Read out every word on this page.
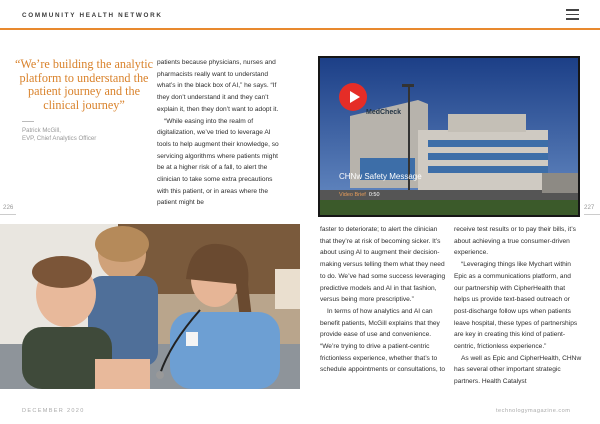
COMMUNITY HEALTH NETWORK
“We’re building the analytic platform to understand the patient journey and the clinical journey”
Patrick McGill,
EVP, Chief Analytics Officer

patients because physicians, nurses and pharmacists really want to understand what’s in the black box of AI,” he says. “If they don’t understand it and they can’t explain it, then they don’t want to adopt it.

“While easing into the realm of digitalization, we’ve tried to leverage AI tools to help augment their knowledge, so servicing algorithms where patients might be at a higher risk of a fall, to alert the clinician to take some extra precautions with this patient, or in areas where the patient might be

226	227
MedCheck
CHNw Safety Message
Video Brief 0:50

faster to deteriorate; to alert the clinician that they’re at risk of becoming sicker. It’s about using AI to augment their decision-making versus telling them what they need to do. We’ve had some success leveraging predictive models and AI in that fashion, versus being more prescriptive.”

In terms of how analytics and AI can benefit patients, McGill explains that they provide ease of use and convenience. “We’re trying to drive a patient-centric frictionless experience, whether that’s to schedule appointments or consultations, to

receive test results or to pay their bills, it’s about achieving a true consumer-driven experience.

“Leveraging things like Mychart within Epic as a communications platform, and our partnership with CipherHealth that helps us provide text-based outreach or post-discharge follow ups when patients leave hospital, these types of partnerships are key in creating this kind of patient-centric, frictionless experience.”

As well as Epic and CipherHealth, CHNw has several other important strategic partners. Health Catalyst

DECEMBER 2020	technologymagazine.com
